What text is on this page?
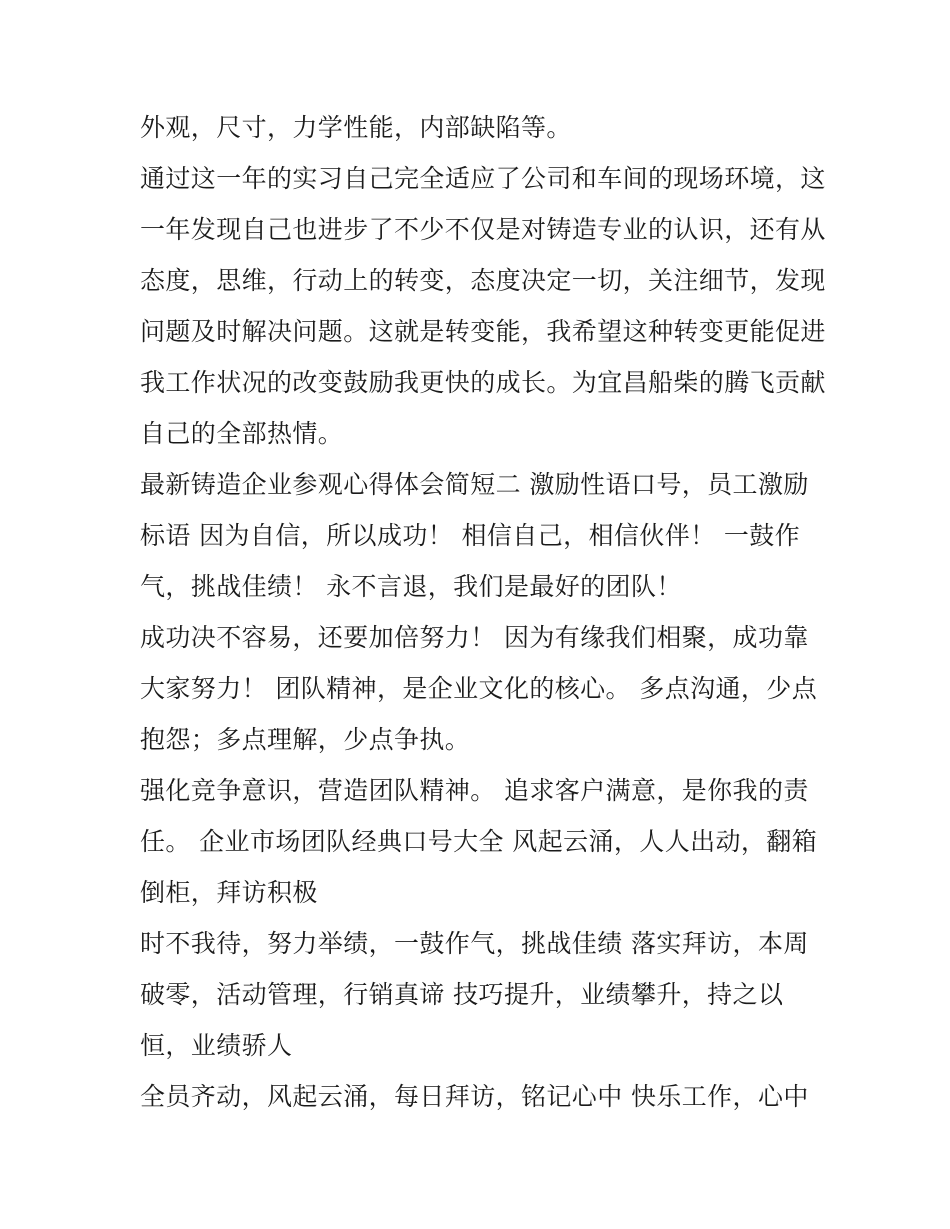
外观，尺寸，力学性能，内部缺陷等。
通过这一年的实习自己完全适应了公司和车间的现场环境，这
一年发现自己也进步了不少不仅是对铸造专业的认识，还有从
态度，思维，行动上的转变，态度决定一切，关注细节，发现
问题及时解决问题。这就是转变能，我希望这种转变更能促进
我工作状况的改变鼓励我更快的成长。为宜昌船柴的腾飞贡献
自己的全部热情。
最新铸造企业参观心得体会简短二 激励性语口号，员工激励
标语 因为自信，所以成功！ 相信自己，相信伙伴！ 一鼓作
气，挑战佳绩！ 永不言退，我们是最好的团队！
成功决不容易，还要加倍努力！ 因为有缘我们相聚，成功靠
大家努力！ 团队精神，是企业文化的核心。 多点沟通，少点
抱怨；多点理解，少点争执。
强化竞争意识，营造团队精神。 追求客户满意，是你我的责
任。 企业市场团队经典口号大全 风起云涌，人人出动，翻箱
倒柜，拜访积极
时不我待，努力举绩，一鼓作气，挑战佳绩 落实拜访，本周
破零，活动管理，行销真谛 技巧提升，业绩攀升，持之以
恒，业绩骄人
全员齐动，风起云涌，每日拜访，铭记心中 快乐工作，心中
